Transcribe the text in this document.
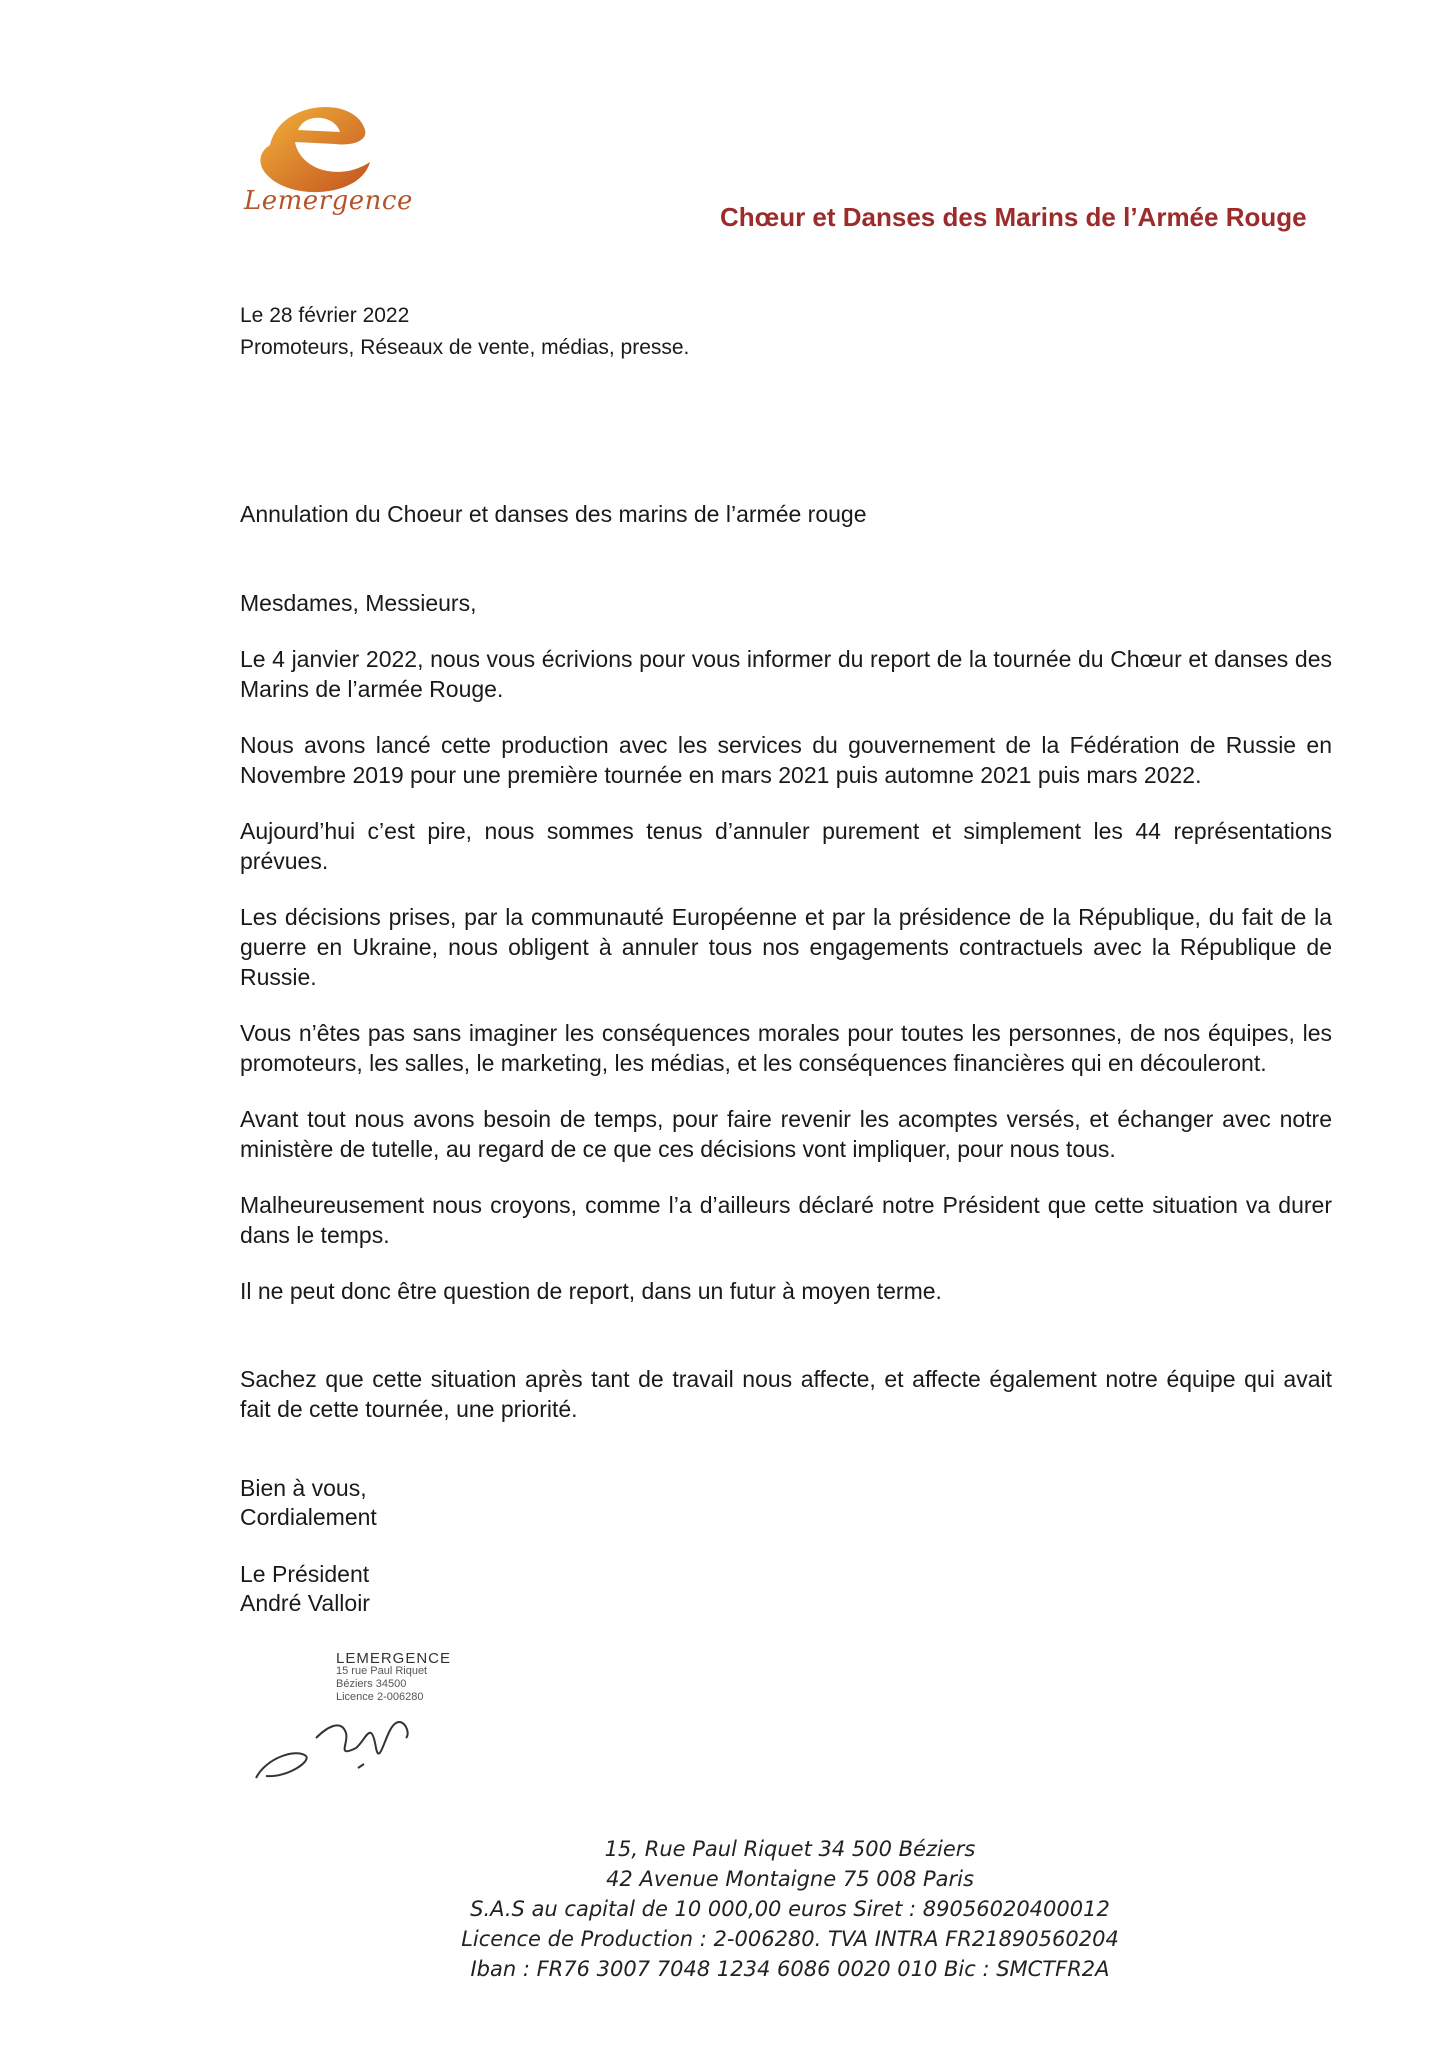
Lemergence
Chœur et Danses des Marins de l’Armée Rouge
Le 28 février 2022
Promoteurs, Réseaux de vente, médias, presse.
Annulation du Choeur et danses des marins de l’armée rouge

Mesdames, Messieurs,

Le 4 janvier 2022, nous vous écrivions pour vous informer du report de la tournée du Chœur et danses des Marins de l’armée Rouge.

Nous avons lancé cette production avec les services du gouvernement de la Fédération de Russie en Novembre 2019 pour une première tournée en mars 2021 puis automne 2021 puis mars 2022.

Aujourd’hui c’est pire, nous sommes tenus d’annuler purement et simplement les 44 représentations prévues.

Les décisions prises, par la communauté Européenne et par la présidence de la République, du fait de la guerre en Ukraine, nous obligent à annuler tous nos engagements contractuels avec la République de Russie.

Vous n’êtes pas sans imaginer les conséquences morales pour toutes les personnes, de nos équipes, les promoteurs, les salles, le marketing, les médias, et les conséquences financières qui en découleront.

Avant tout nous avons besoin de temps, pour faire revenir les acomptes versés, et échanger avec notre ministère de tutelle, au regard de ce que ces décisions vont impliquer, pour nous tous.

Malheureusement nous croyons, comme l’a d’ailleurs déclaré notre Président que cette situation va durer dans le temps.

Il ne peut donc être question de report, dans un futur à moyen terme.

Sachez que cette situation après tant de travail nous affecte, et affecte également notre équipe qui avait fait de cette tournée, une priorité.

Bien à vous,
Cordialement
Le Président
André Valloir
LEMERGENCE
15 rue Paul Riquet
Béziers 34500
Licence 2-006280
15, Rue Paul Riquet 34 500 Béziers
42 Avenue Montaigne 75 008 Paris
S.A.S au capital de 10 000,00 euros Siret : 89056020400012
Licence de Production : 2-006280. TVA INTRA FR21890560204
Iban : FR76 3007 7048 1234 6086 0020 010 Bic : SMCTFR2A
